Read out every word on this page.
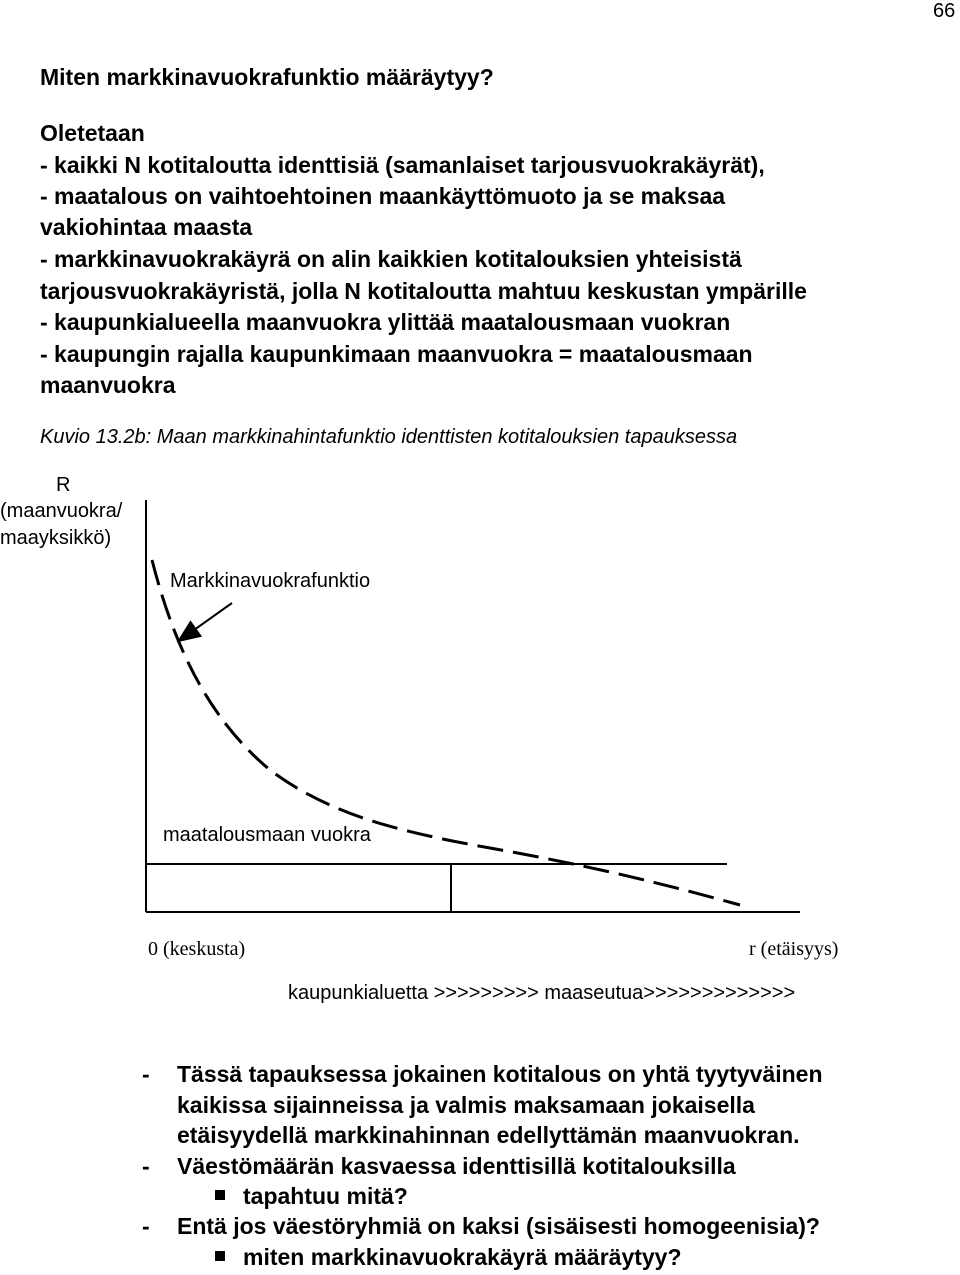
66
Miten markkinavuokrafunktio määräytyy?
Oletetaan
- kaikki N kotitaloutta identtisiä (samanlaiset tarjousvuokrakäyrät),
- maatalous on vaihtoehtoinen maankäyttömuoto ja se maksaa
vakiohintaa maasta
- markkinavuokrakäyrä on alin kaikkien kotitalouksien yhteisistä
tarjousvuokrakäyristä, jolla N kotitaloutta mahtuu keskustan ympärille
- kaupunkialueella maanvuokra ylittää maatalousmaan vuokran
- kaupungin rajalla kaupunkimaan maanvuokra = maatalousmaan
maanvuokra
Kuvio 13.2b: Maan markkinahintafunktio identtisten kotitalouksien tapauksessa
R
(maanvuokra/
maayksikkö)
Markkinavuokrafunktio
maatalousmaan vuokra
0 (keskusta)	r (etäisyys)
kaupunkialuetta >>>>>>>>> maaseutua>>>>>>>>>>>>>
- Tässä tapauksessa jokainen kotitalous on yhtä tyytyväinen
kaikissa sijainneissa ja valmis maksamaan jokaisella
etäisyydellä markkinahinnan edellyttämän maanvuokran.
- Väestömäärän kasvaessa identtisillä kotitalouksilla
tapahtuu mitä?
- Entä jos väestöryhmiä on kaksi (sisäisesti homogeenisia)?
miten markkinavuokrakäyrä määräytyy?
